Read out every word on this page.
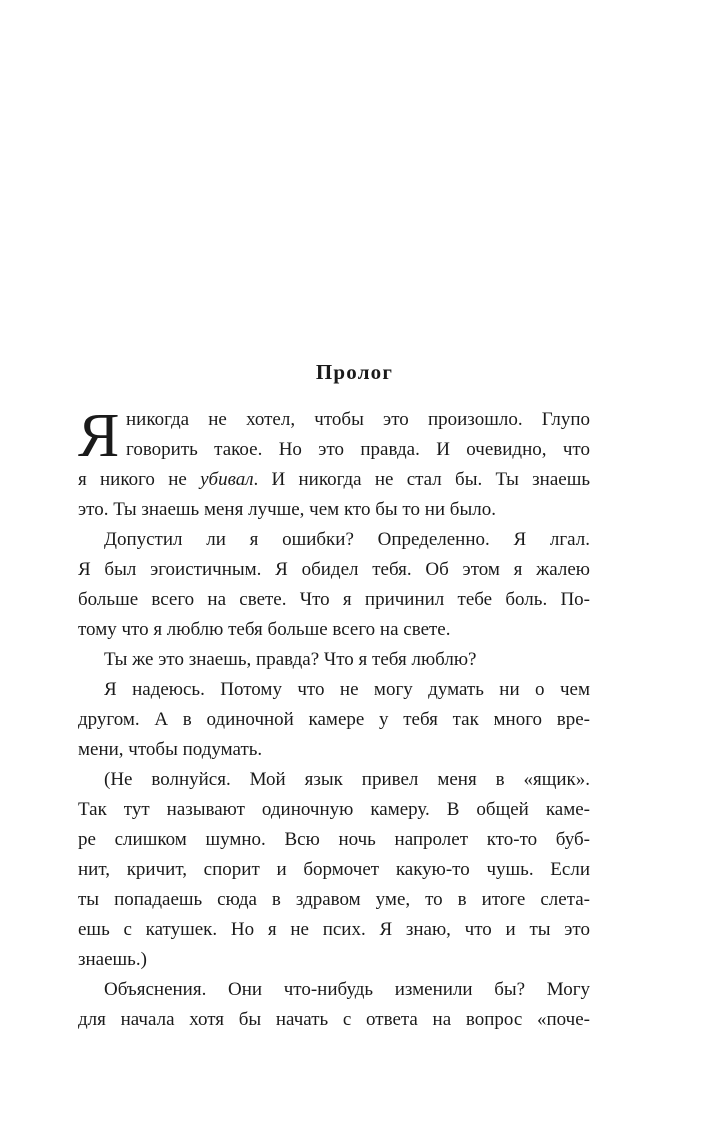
Пролог
Я никогда не хотел, чтобы это произошло. Глупо
говорить такое. Но это правда. И очевидно, что
я никого не убивал. И никогда не стал бы. Ты знаешь
это. Ты знаешь меня лучше, чем кто бы то ни было.
Допустил ли я ошибки? Определенно. Я лгал.
Я был эгоистичным. Я обидел тебя. Об этом я жалею
больше всего на свете. Что я причинил тебе боль. По-
тому что я люблю тебя больше всего на свете.
Ты же это знаешь, правда? Что я тебя люблю?
Я надеюсь. Потому что не могу думать ни о чем
другом. А в одиночной камере у тебя так много вре-
мени, чтобы подумать.
(Не волнуйся. Мой язык привел меня в «ящик».
Так тут называют одиночную камеру. В общей каме-
ре слишком шумно. Всю ночь напролет кто-то буб-
нит, кричит, спорит и бормочет какую-то чушь. Если
ты попадаешь сюда в здравом уме, то в итоге слета-
ешь с катушек. Но я не псих. Я знаю, что и ты это
знаешь.)
Объяснения. Они что-нибудь изменили бы? Могу
для начала хотя бы начать с ответа на вопрос «поче-
